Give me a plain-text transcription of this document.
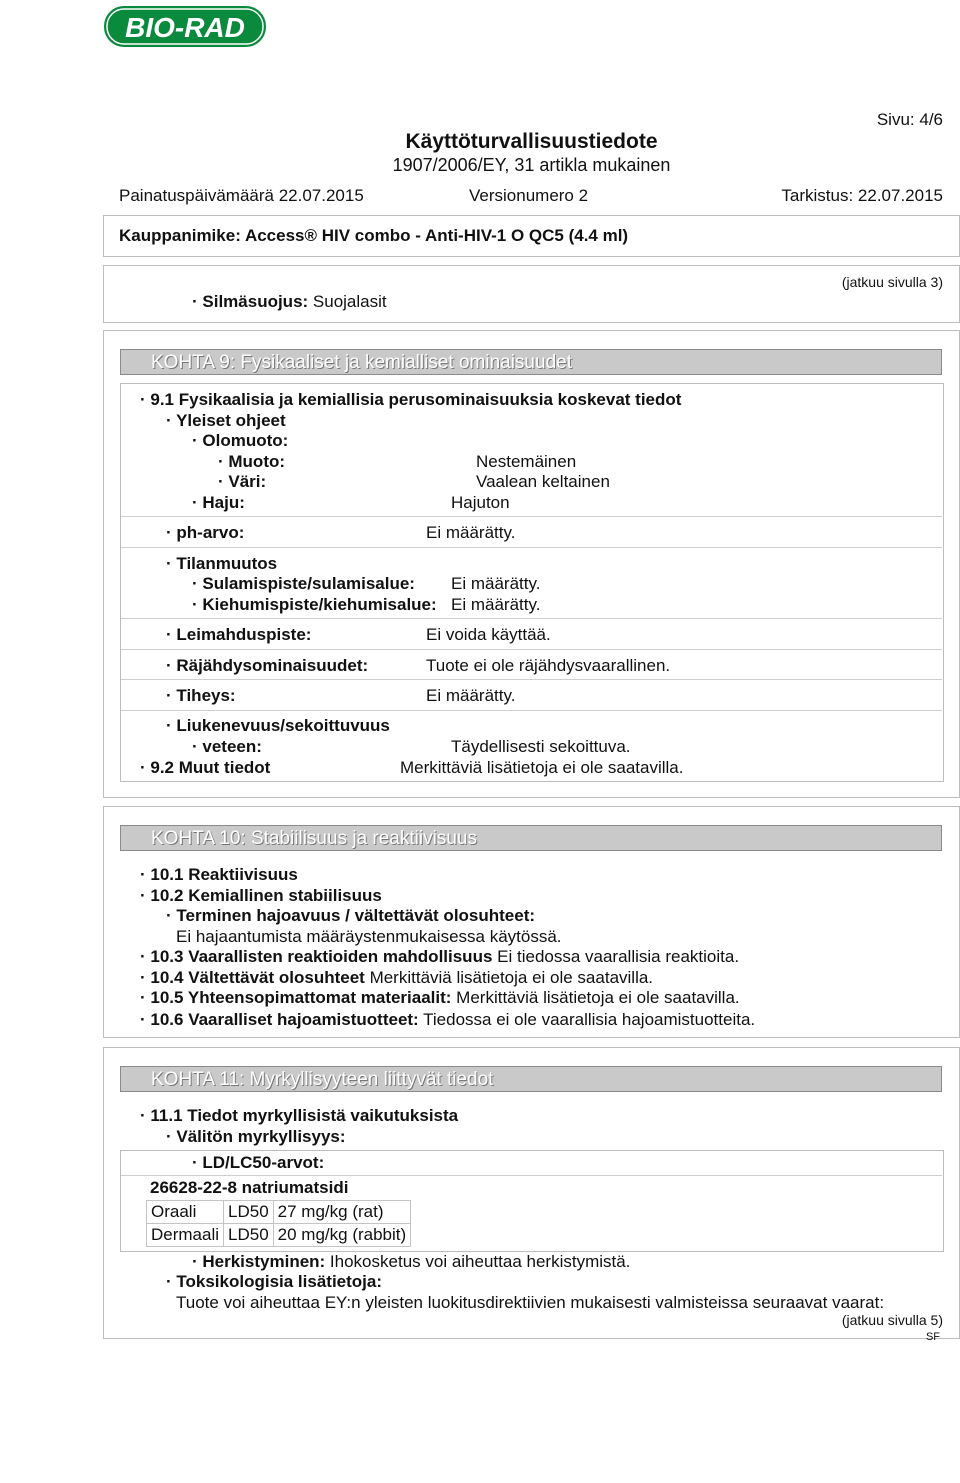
BIO-RAD
Sivu: 4/6
Käyttöturvallisuustiedote
1907/2006/EY, 31 artikla mukainen
Painatuspäivämäärä 22.07.2015	Versionumero 2	Tarkistus: 22.07.2015
Kauppanimike: Access® HIV combo - Anti-HIV-1 O QC5 (4.4 ml)
(jatkuu sivulla 3)
· Silmäsuojus: Suojalasit
KOHTA 9: Fysikaaliset ja kemialliset ominaisuudet
· 9.1 Fysikaalisia ja kemiallisia perusominaisuuksia koskevat tiedot
· Yleiset ohjeet
· Olomuoto:
· Muoto:	Nestemäinen
· Väri:	Vaalean keltainen
· Haju:	Hajuton
· ph-arvo:	Ei määrätty.
· Tilanmuutos
· Sulamispiste/sulamisalue: Ei määrätty.
· Kiehumispiste/kiehumisalue: Ei määrätty.
· Leimahduspiste:	Ei voida käyttää.
· Räjähdysominaisuudet:	Tuote ei ole räjähdysvaarallinen.
· Tiheys:	Ei määrätty.
· Liukenevuus/sekoittuvuus
· veteen:	Täydellisesti sekoittuva.
· 9.2 Muut tiedot	Merkittäviä lisätietoja ei ole saatavilla.
KOHTA 10: Stabiilisuus ja reaktiivisuus
· 10.1 Reaktiivisuus
· 10.2 Kemiallinen stabiilisuus
· Terminen hajoavuus / vältettävät olosuhteet:
Ei hajaantumista määräystenmukaisessa käytössä.
· 10.3 Vaarallisten reaktioiden mahdollisuus Ei tiedossa vaarallisia reaktioita.
· 10.4 Vältettävät olosuhteet Merkittäviä lisätietoja ei ole saatavilla.
· 10.5 Yhteensopimattomat materiaalit: Merkittäviä lisätietoja ei ole saatavilla.
· 10.6 Vaaralliset hajoamistuotteet: Tiedossa ei ole vaarallisia hajoamistuotteita.
KOHTA 11: Myrkyllisyyteen liittyvät tiedot
· 11.1 Tiedot myrkyllisistä vaikutuksista
· Välitön myrkyllisyys:
· LD/LC50-arvot:
26628-22-8 natriumatsidi
Oraali	LD50	27 mg/kg (rat)
Dermaali	LD50	20 mg/kg (rabbit)
· Herkistyminen: Ihokosketus voi aiheuttaa herkistymistä.
· Toksikologisia lisätietoja:
Tuote voi aiheuttaa EY:n yleisten luokitusdirektiivien mukaisesti valmisteissa seuraavat vaarat:
(jatkuu sivulla 5)
SF
